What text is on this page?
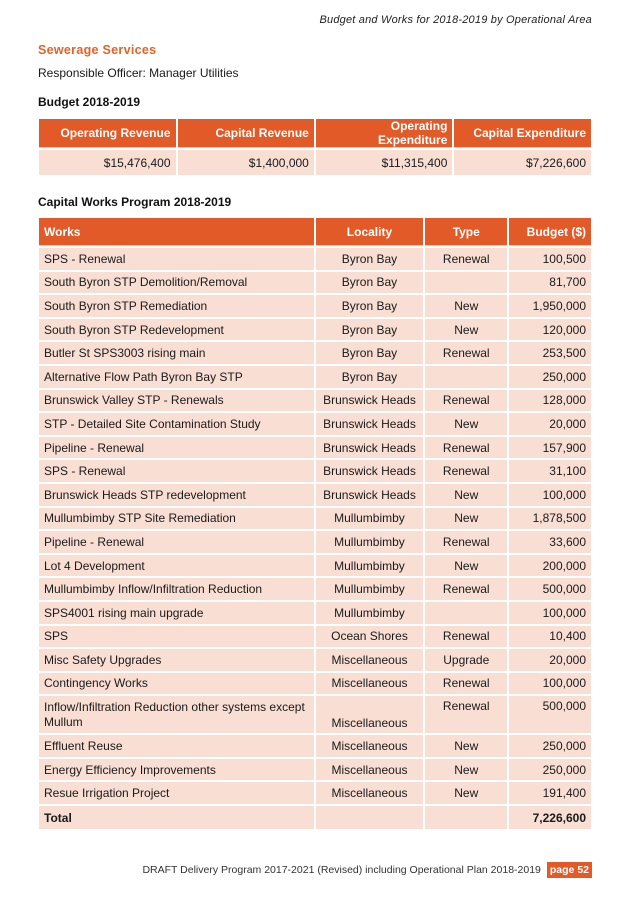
Budget and Works for 2018-2019 by Operational Area
Sewerage Services
Responsible Officer: Manager Utilities
Budget 2018-2019
Operating Revenue	Capital Revenue	Operating Expenditure	Capital Expenditure
$15,476,400	$1,400,000	$11,315,400	$7,226,600
Capital Works Program 2018-2019
Works	Locality	Type	Budget ($)
SPS - Renewal	Byron Bay	Renewal	100,500
South Byron STP Demolition/Removal	Byron Bay		81,700
South Byron STP Remediation	Byron Bay	New	1,950,000
South Byron STP Redevelopment	Byron Bay	New	120,000
Butler St SPS3003 rising main	Byron Bay	Renewal	253,500
Alternative Flow Path Byron Bay STP	Byron Bay		250,000
Brunswick Valley STP - Renewals	Brunswick Heads	Renewal	128,000
STP - Detailed Site Contamination Study	Brunswick Heads	New	20,000
Pipeline - Renewal	Brunswick Heads	Renewal	157,900
SPS - Renewal	Brunswick Heads	Renewal	31,100
Brunswick Heads STP redevelopment	Brunswick Heads	New	100,000
Mullumbimby STP Site Remediation	Mullumbimby	New	1,878,500
Pipeline - Renewal	Mullumbimby	Renewal	33,600
Lot 4 Development	Mullumbimby	New	200,000
Mullumbimby Inflow/Infiltration Reduction	Mullumbimby	Renewal	500,000
SPS4001 rising main upgrade	Mullumbimby		100,000
SPS	Ocean Shores	Renewal	10,400
Misc Safety Upgrades	Miscellaneous	Upgrade	20,000
Contingency Works	Miscellaneous	Renewal	100,000
Inflow/Infiltration Reduction other systems except Mullum	Miscellaneous	Renewal	500,000
Effluent Reuse	Miscellaneous	New	250,000
Energy Efficiency Improvements	Miscellaneous	New	250,000
Resue Irrigation Project	Miscellaneous	New	191,400
Total			7,226,600
DRAFT Delivery Program 2017-2021 (Revised) including Operational Plan 2018-2019 page 52
